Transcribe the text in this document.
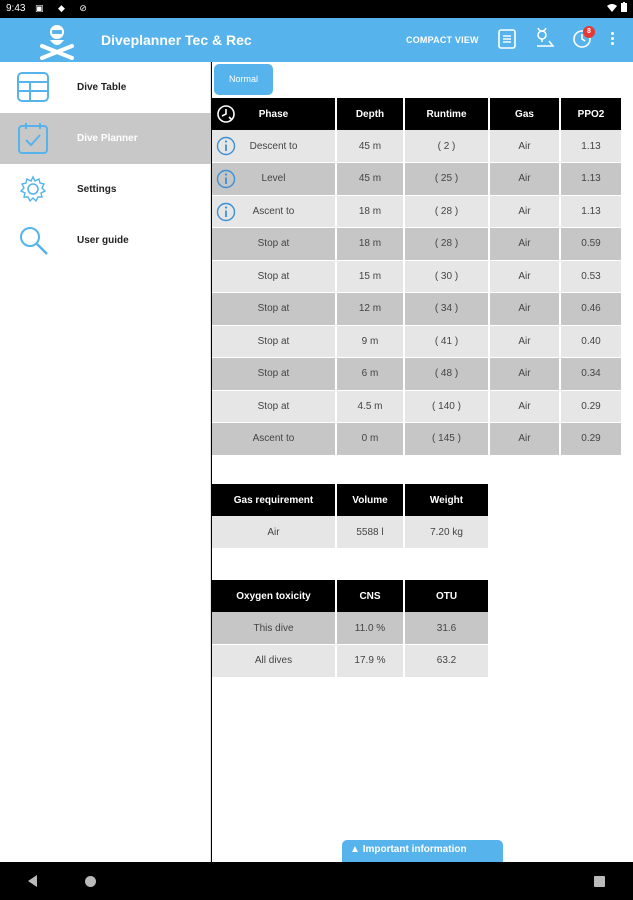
9:43 ▣ ◆ ⊘
Diveplanner Tec & Rec	COMPACT VIEW
8
Dive Table
Dive Planner
Settings
User guide
Normal
Phase	Depth	Runtime	Gas	PPO2

Descent to	45 m	( 2 )	Air	1.13

Level	45 m	( 25 )	Air	1.13

Ascent to	18 m	( 28 )	Air	1.13
Stop at	18 m	( 28 )	Air	0.59
Stop at	15 m	( 30 )	Air	0.53
Stop at	12 m	( 34 )	Air	0.46
Stop at	9 m	( 41 )	Air	0.40
Stop at	6 m	( 48 )	Air	0.34
Stop at	4.5 m	( 140 )	Air	0.29
Ascent to	0 m	( 145 )	Air	0.29
Gas requirement	Volume	Weight
Air	5588 l	7.20 kg
Oxygen toxicity	CNS	OTU
This dive	11.0 %	31.6
All dives	17.9 %	63.2
▲ Important information
